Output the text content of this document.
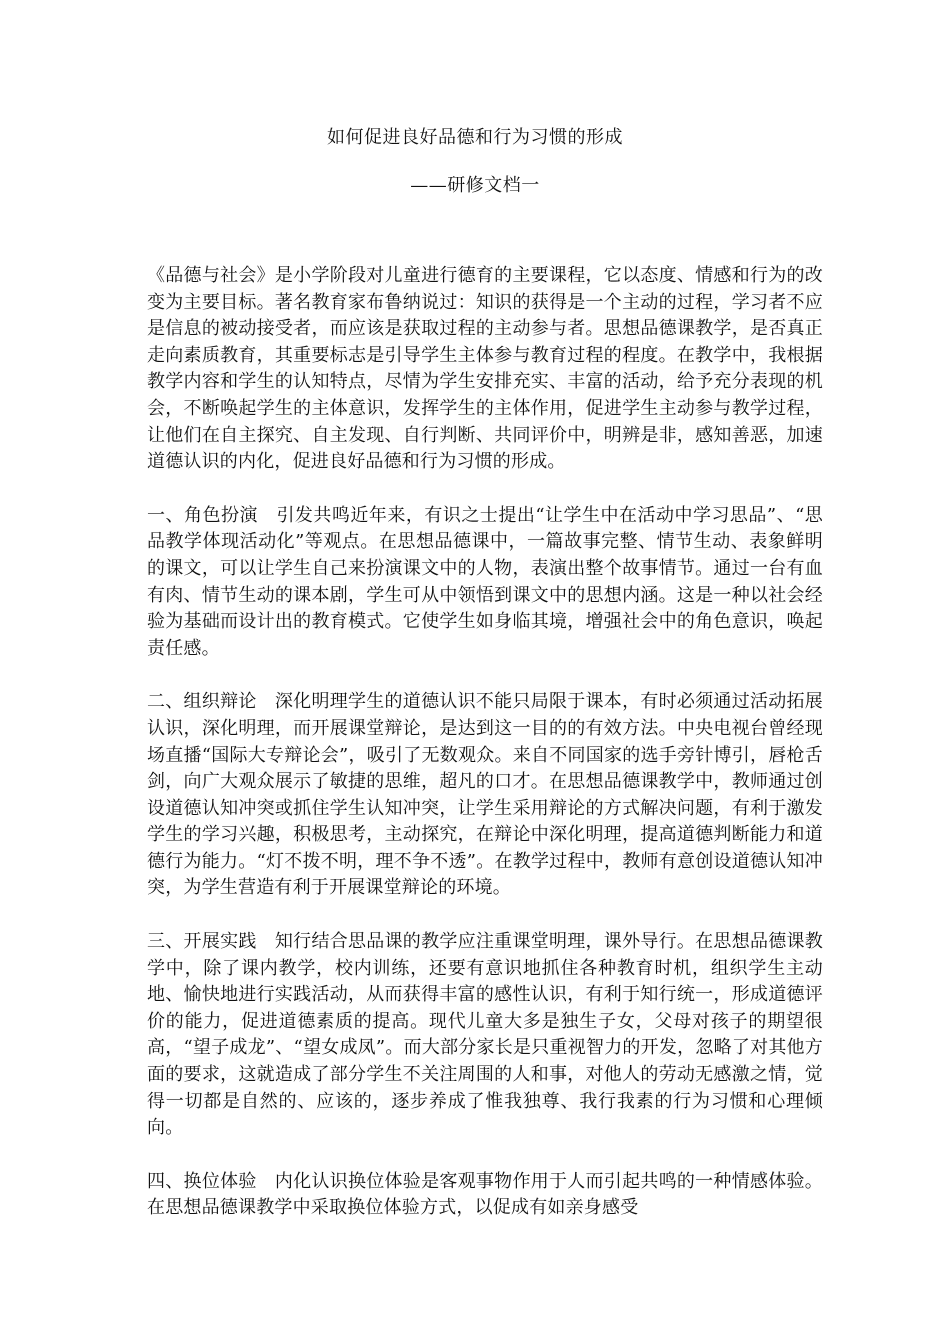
如何促进良好品德和行为习惯的形成
——研修文档一

《品德与社会》是小学阶段对儿童进行德育的主要课程，它以态度、情感和行为的改变为主要目标。著名教育家布鲁纳说过：知识的获得是一个主动的过程，学习者不应是信息的被动接受者，而应该是获取过程的主动参与者。思想品德课教学，是否真正走向素质教育，其重要标志是引导学生主体参与教育过程的程度。在教学中，我根据教学内容和学生的认知特点，尽情为学生安排充实、丰富的活动，给予充分表现的机会，不断唤起学生的主体意识，发挥学生的主体作用，促进学生主动参与教学过程，让他们在自主探究、自主发现、自行判断、共同评价中，明辨是非，感知善恶，加速道德认识的内化，促进良好品德和行为习惯的形成。

一、角色扮演　引发共鸣近年来，有识之士提出“让学生中在活动中学习思品”、“思品教学体现活动化”等观点。在思想品德课中，一篇故事完整、情节生动、表象鲜明的课文，可以让学生自己来扮演课文中的人物，表演出整个故事情节。通过一台有血有肉、情节生动的课本剧，学生可从中领悟到课文中的思想内涵。这是一种以社会经验为基础而设计出的教育模式。它使学生如身临其境，增强社会中的角色意识，唤起责任感。

二、组织辩论　深化明理学生的道德认识不能只局限于课本，有时必须通过活动拓展认识，深化明理，而开展课堂辩论，是达到这一目的的有效方法。中央电视台曾经现场直播“国际大专辩论会”，吸引了无数观众。来自不同国家的选手旁针博引，唇枪舌剑，向广大观众展示了敏捷的思维，超凡的口才。在思想品德课教学中，教师通过创设道德认知冲突或抓住学生认知冲突，让学生采用辩论的方式解决问题，有利于激发学生的学习兴趣，积极思考，主动探究，在辩论中深化明理，提高道德判断能力和道德行为能力。“灯不拨不明，理不争不透”。在教学过程中，教师有意创设道德认知冲突，为学生营造有利于开展课堂辩论的环境。

三、开展实践　知行结合思品课的教学应注重课堂明理，课外导行。在思想品德课教学中，除了课内教学，校内训练，还要有意识地抓住各种教育时机，组织学生主动地、愉快地进行实践活动，从而获得丰富的感性认识，有利于知行统一，形成道德评价的能力，促进道德素质的提高。现代儿童大多是独生子女，父母对孩子的期望很高，“望子成龙”、“望女成凤”。而大部分家长是只重视智力的开发，忽略了对其他方面的要求，这就造成了部分学生不关注周围的人和事，对他人的劳动无感激之情，觉得一切都是自然的、应该的，逐步养成了惟我独尊、我行我素的行为习惯和心理倾向。

四、换位体验　内化认识换位体验是客观事物作用于人而引起共鸣的一种情感体验。在思想品德课教学中采取换位体验方式，以促成有如亲身感受
